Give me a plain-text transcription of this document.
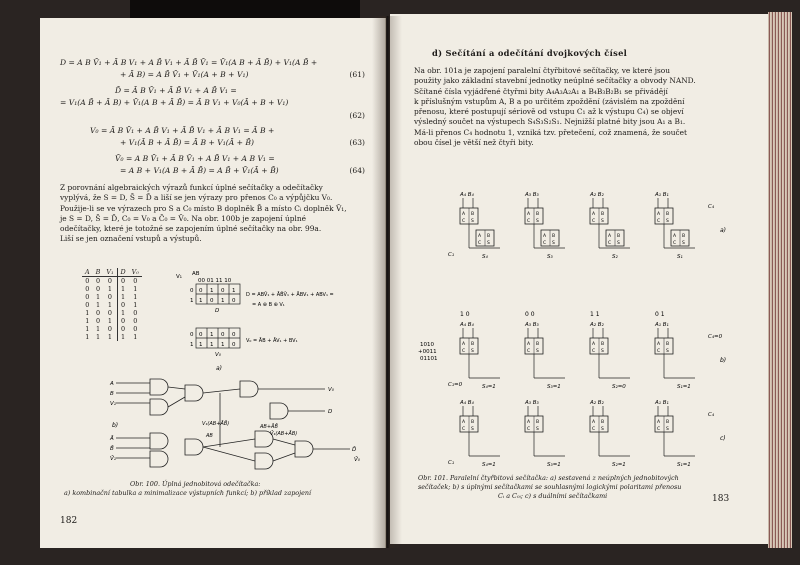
D = A B V̄₁ + Ā B V₁ + A B̄ V₁ + Ā B̄ V̄₁ = V̄₁(A B + Ā B̄) + V₁(A B̄ +
+ Ā B) = A B̄ V̄₁ + V̄₁(A + B + V₁)	(61)
D̄ = Ā B V̄₁ + Ā B̄ V₁ + A B̄ V₁ =
= V₁(A B̄ + Ā B) + V̄₁(A B + Ā B̄) = Ā B V₁ + V₀(Ā + B + V₁)
(62)
V₀ = Ā B V̄₁ + A B̄ V₁ + Ā B̄ V₁ + Ā B V₁ = Ā B +
+ V₁(Ā B + Ā B̄) = Ā B + V₁(Ā + B̄)	(63)
V̄₀ = A B V̄₁ + Ā B V̄₁ + A B̄ V₁ + A B V₁ =
= A B + V₁(A B + Ā B̄) = A B̄ + V̄₁(Ā + B̄)	(64)
Z porovnání algebraických výrazů funkcí úplné sečítačky a odečítačky
vyplývá, že S = D, S̄ = D̄ a liší se jen výrazy pro přenos C₀ a výpůjčku V₀.
Použije-li se ve výrazech pro S a C₀ místo B doplněk B̄ a místo Cᵢ doplněk V̄₁,
je S = D, S̄ = D̄, C₀ = V₀ a C̄₀ = V̄₀. Na obr. 100b je zapojení úplné
odečítačky, které je totožné se zapojením úplné sečítačky na obr. 99a.
Liší se jen označení vstupů a výstupů.
A	B	V₁	D	V₀
0	0	0	0	0
0	0	1	1	1
0	1	0	1	1
0	1	1	0	1
1	0	0	1	0
1	0	1	0	0
1	1	0	0	0
1	1	1	1	1
AB
V₁
00 01 11 10
0 1 0 1
1 0 1 0
0
1
D
D = ABV̄₁ + ĀB̄V̄₁ + ĀBV₁ + ABV₁ =
= A ⊕ B ⊕ V₁
0 1 0 0
1 1 1 0
0
1
V₀
V₀ = ĀB + ĀV₁ + BV₁
a)
A
B
V₁
Ā
B̄
V̄₁
V₀
D
D̄
V̄₀
V₁(AB+ĀB̄)	AB+ĀB̄
V̄₁(AB+ĀB)
AB
b)
Obr. 100. Úplná jednobitová odečítačka:
a) kombinační tabulka a minimalizace výstupních funkcí; b) příklad zapojení
182
d) Sečítání a odečítání dvojkových čísel
Na obr. 101a je zapojení paralelní čtyřbitové sečítačky, ve které jsou
použity jako základní stavební jednotky neúplné sečítačky a obvody NAND.
Sčítané čísla vyjádřené čtyřmi bity A₄A₃A₂A₁ a B₄B₃B₂B₁ se přivádějí
k příslušným vstupům A, B a po určitém zpoždění (závislém na zpoždění
přenosu, které postupují sériově od vstupu C₁ až k výstupu C₄) se objeví
výsledný součet na výstupech S₄S₃S₂S₁. Nejnižší platné bity jsou A₁ a B₁.
Má-li přenos C₄ hodnotu 1, vzniká tzv. přetečení, což znamená, že součet
obou čísel je větší než čtyři bity.
A₄ B₄
A B
C S
A B
C S
S₄
A₃ B₃
A B
C S
A B
C S
S₃
A₂ B₂
A B
C S
A B
C S
S₂
A₁ B₁
A B
C S
A B
C S
S₁
C₄
C₁
a)
A₄ B₄
A B
C S
S₄=1
A₃ B₃
A B
C S
S₃=1
A₂ B₂
A B
C S
S₂=0
A₁ B₁
A B
C S
S₁=1
C₄=0
C₁=0
b)
1 0	0 0	1 1	0 1
1010
+0011
01101
A₄ B₄
A B
C S
S₄=1
A₃ B₃
A B
C S
S₃=1
A₂ B₂
A B
C S
S₂=1
A₁ B₁
A B
C S
S₁=1
C₄
C₁
c)
Obr. 101. Paralelní čtyřbitová sečítačka: a) sestavená z neúplných jednobitových
sečítaček; b) s úplnými sečítačkami se souhlasnými logickými polaritami přenosu
Cᵢ a C₀ᵢ; c) s duálními sečítačkami	183
